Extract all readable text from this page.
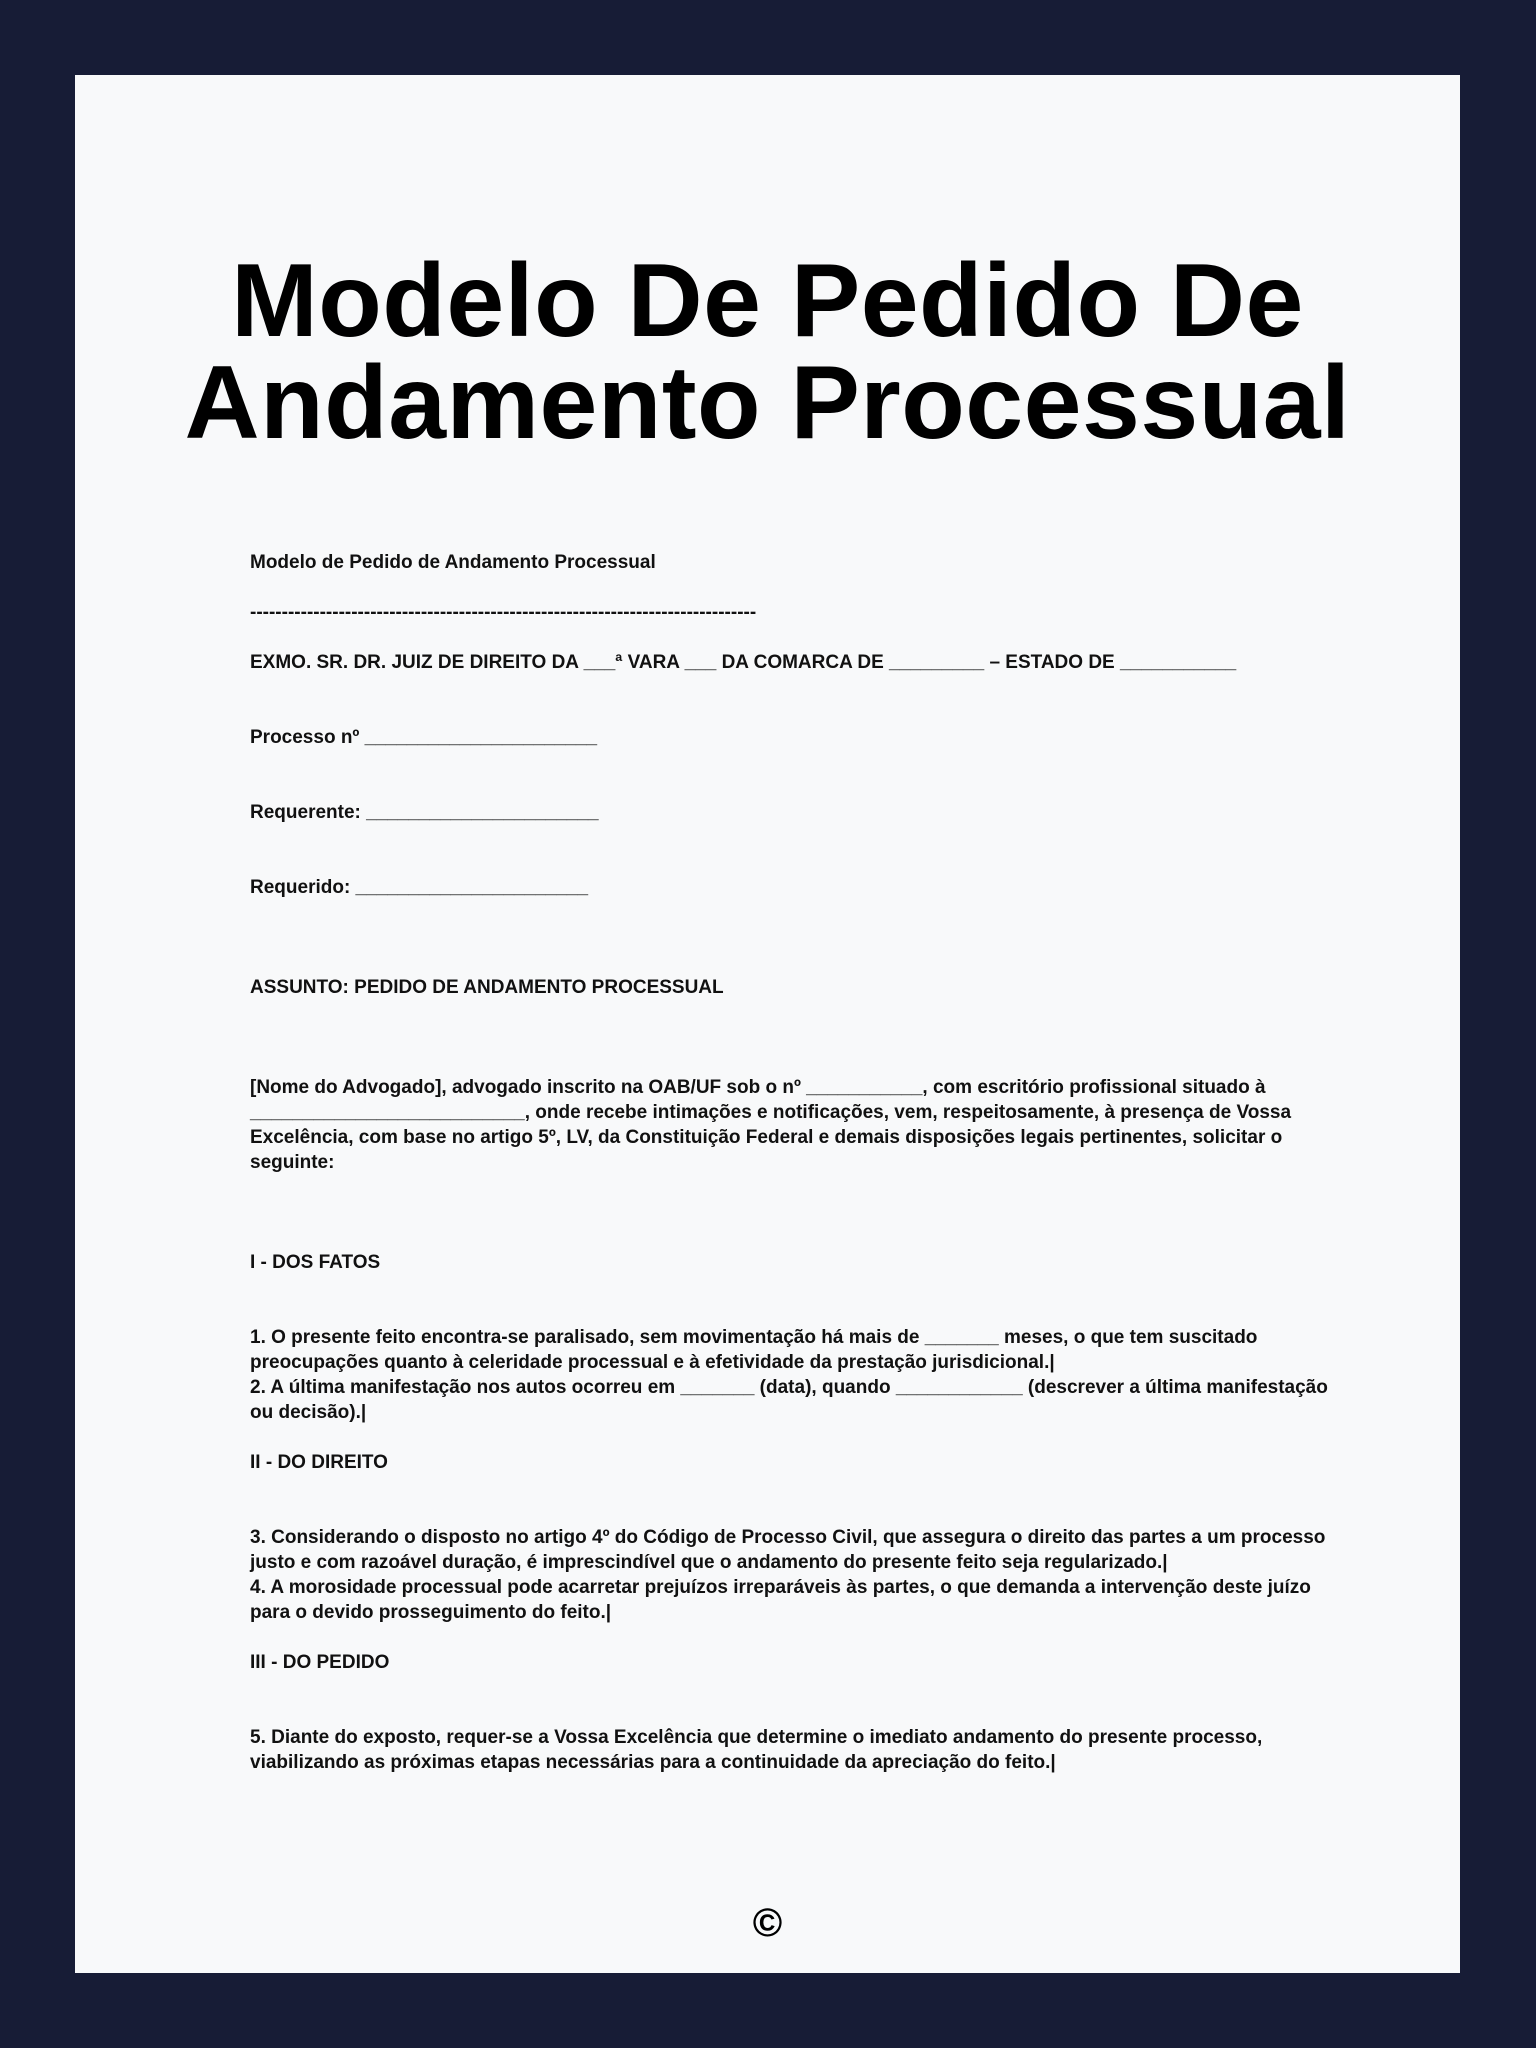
Modelo De Pedido De Andamento Processual

Modelo de Pedido de Andamento Processual

--------------------------------------------------------------------------------

EXMO. SR. DR. JUIZ DE DIREITO DA ___ª VARA ___ DA COMARCA DE _________ – ESTADO DE ___________

Processo nº ______________________

Requerente: ______________________

Requerido: ______________________

ASSUNTO: PEDIDO DE ANDAMENTO PROCESSUAL

[Nome do Advogado], advogado inscrito na OAB/UF sob o nº ___________, com escritório profissional situado à __________________________, onde recebe intimações e notificações, vem, respeitosamente, à presença de Vossa Excelência, com base no artigo 5º, LV, da Constituição Federal e demais disposições legais pertinentes, solicitar o seguinte:

I - DOS FATOS

1. O presente feito encontra-se paralisado, sem movimentação há mais de _______ meses, o que tem suscitado preocupações quanto à celeridade processual e à efetividade da prestação jurisdicional.|

2. A última manifestação nos autos ocorreu em _______ (data), quando ____________ (descrever a última manifestação ou decisão).|

II - DO DIREITO

3. Considerando o disposto no artigo 4º do Código de Processo Civil, que assegura o direito das partes a um processo justo e com razoável duração, é imprescindível que o andamento do presente feito seja regularizado.|

4. A morosidade processual pode acarretar prejuízos irreparáveis às partes, o que demanda a intervenção deste juízo para o devido prosseguimento do feito.|

III - DO PEDIDO

5. Diante do exposto, requer-se a Vossa Excelência que determine o imediato andamento do presente processo, viabilizando as próximas etapas necessárias para a continuidade da apreciação do feito.|

©
